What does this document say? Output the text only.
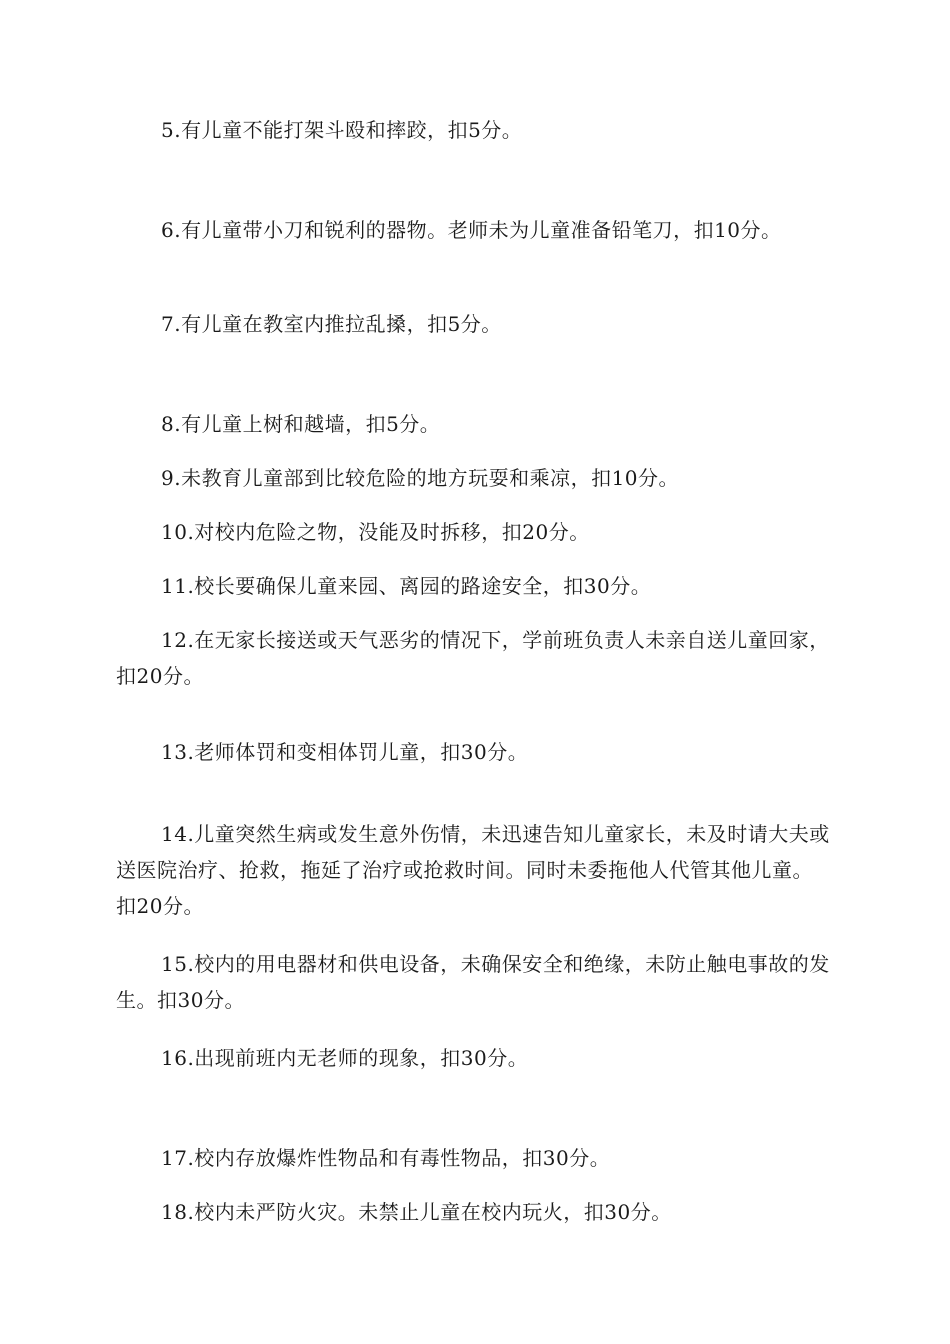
5.有儿童不能打架斗殴和摔跤，扣5分。

6.有儿童带小刀和锐利的器物。老师未为儿童准备铅笔刀，扣10分。

7.有儿童在教室内推拉乱搡，扣5分。

8.有儿童上树和越墙，扣5分。

9.未教育儿童部到比较危险的地方玩耍和乘凉，扣10分。

10.对校内危险之物，没能及时拆移，扣20分。

11.校长要确保儿童来园、离园的路途安全，扣30分。

12.在无家长接送或天气恶劣的情况下，学前班负责人未亲自送儿童回家，扣20分。

13.老师体罚和变相体罚儿童，扣30分。

14.儿童突然生病或发生意外伤情，未迅速告知儿童家长，未及时请大夫或送医院治疗、抢救，拖延了治疗或抢救时间。同时未委拖他人代管其他儿童。扣20分。

15.校内的用电器材和供电设备，未确保安全和绝缘，未防止触电事故的发生。扣30分。

16.出现前班内无老师的现象，扣30分。

17.校内存放爆炸性物品和有毒性物品，扣30分。

18.校内未严防火灾。未禁止儿童在校内玩火，扣30分。
